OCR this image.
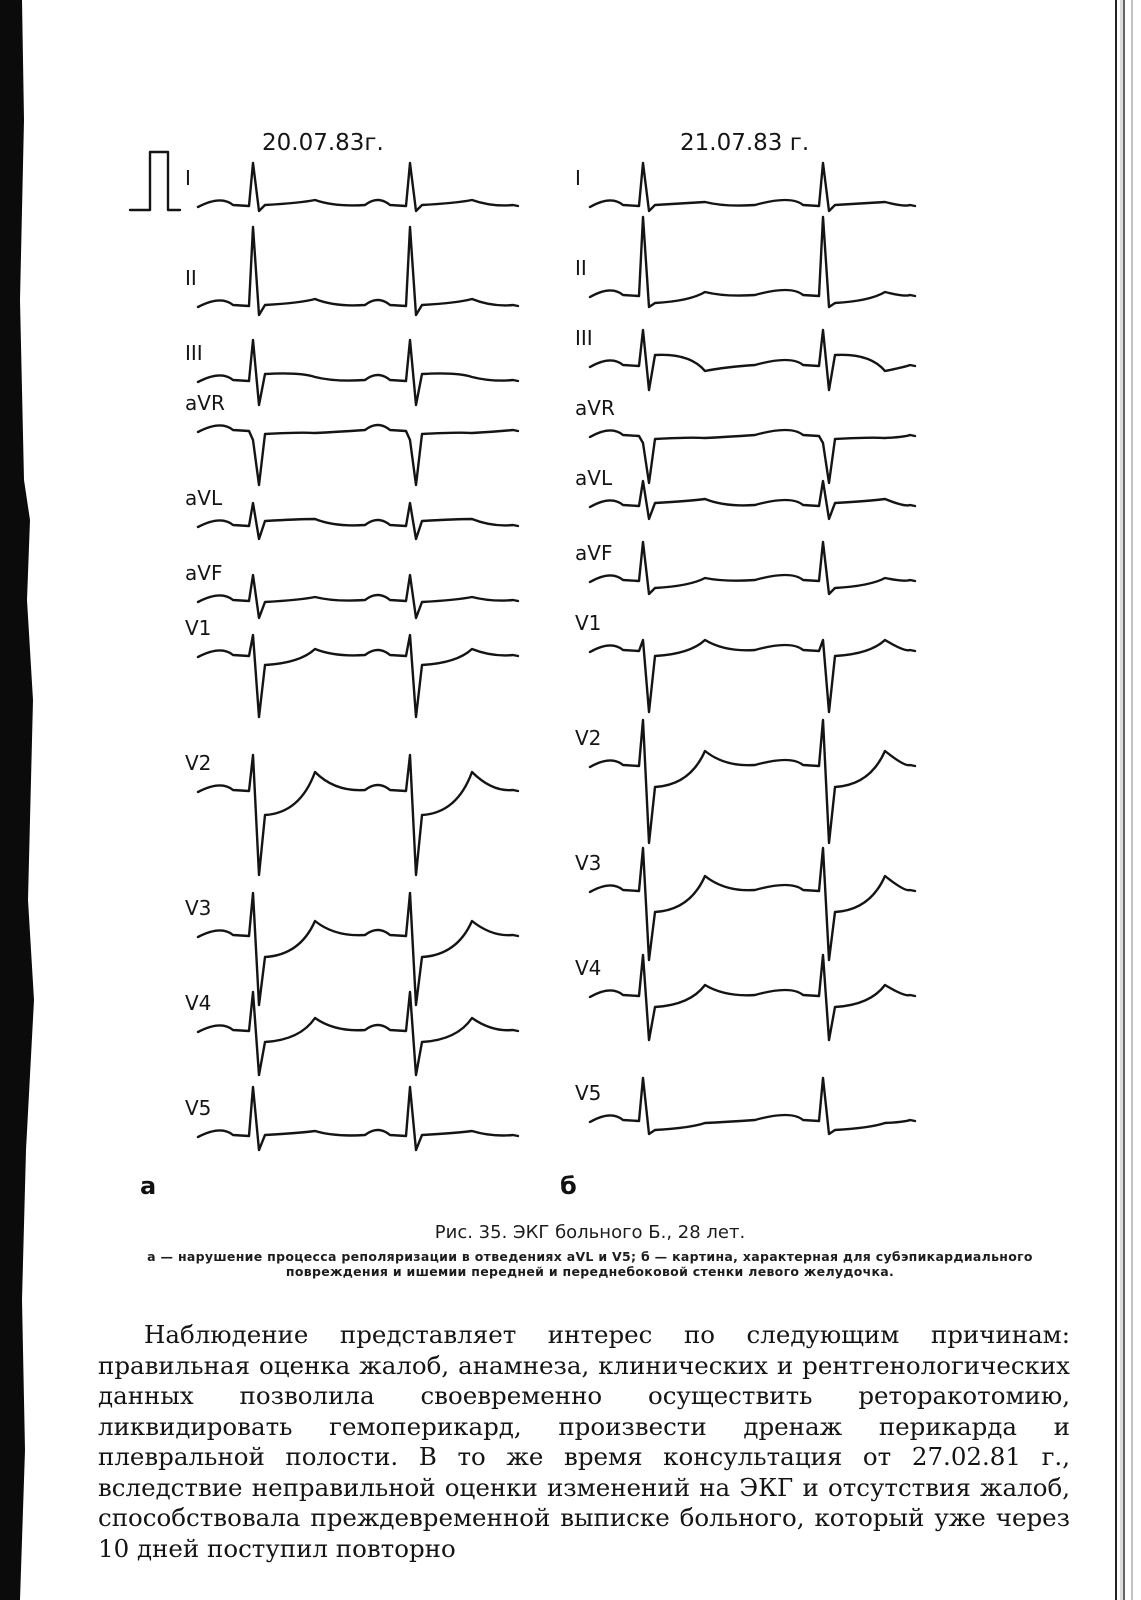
20.07.83г.
а
I
II
III
aVR
aVL
aVF
V1
V2
V3
V4
V5
21.07.83 г.
б
I
II
III
aVR
aVL
aVF
V1
V2
V3
V4
V5
Рис. 35. ЭКГ больного Б., 28 лет.
а — нарушение процесса реполяризации в отведениях aVL и V5; б — картина, характерная для субэпикардиального повреждения и ишемии передней и переднебоковой стенки левого желудочка.

Наблюдение представляет интерес по следующим причинам: правильная оценка жалоб, анамнеза, клинических и рентгенологических данных позволила своевременно осуществить реторакотомию, ликвидировать гемоперикард, произвести дренаж перикарда и плевральной полости. В то же время консультация от 27.02.81 г., вследствие неправильной оценки изменений на ЭКГ и отсутствия жалоб, способствовала преждевременной выписке больного, который уже через 10 дней поступил повторно
